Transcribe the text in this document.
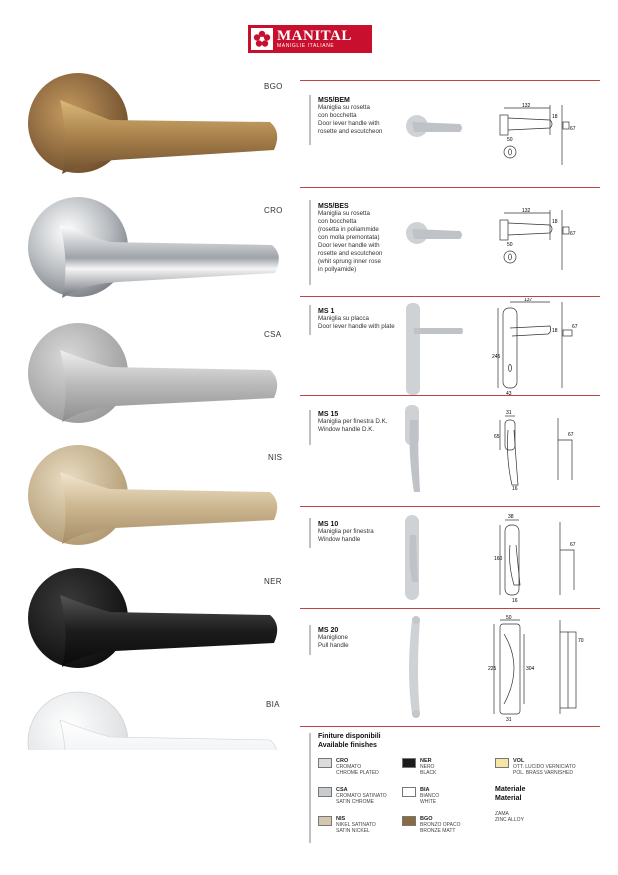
MANITAL
MANIGLIE ITALIANE
BGO
CRO
CSA
NIS
NER
BIA
MS5/BEM
Maniglia su rosetta
con bocchetta
Door lever handle with
rosette and escutcheon
132
50
67
18
MS5/BES
Maniglia su rosetta
con bocchetta
(rosetta in poliammide
con molla premontata)
Door lever handle with
rosette and escutcheon
(whit sprung inner rose
in pollyamide)
132
50
67
18
MS 1
Maniglia su placca
Door lever handle with plate
137
245
43
67
18
MS 15
Maniglia per finestra D.K.
Window handle D.K.
31
65
16
67
MS 10
Maniglia per finestra
Window handle
38
160
16
67
MS 20
Maniglione
Pull handle
50
225	304
31
70
Finiture disponibili
Available finishes
CRO
CROMATO
CHROME PLATED
CSA
CROMATO SATINATO
SATIN CHROME
NIS
NIKEL SATINATO
SATIN NICKEL
NER
NERO
BLACK
BIA
BIANCO
WHITE
BGO
BRONZO OPACO
BRONZE MATT
VOL
OTT. LUCIDO VERNICIATO
POL. BRASS VARNISHED
Materiale
Material
ZAMA
ZINC ALLOY
